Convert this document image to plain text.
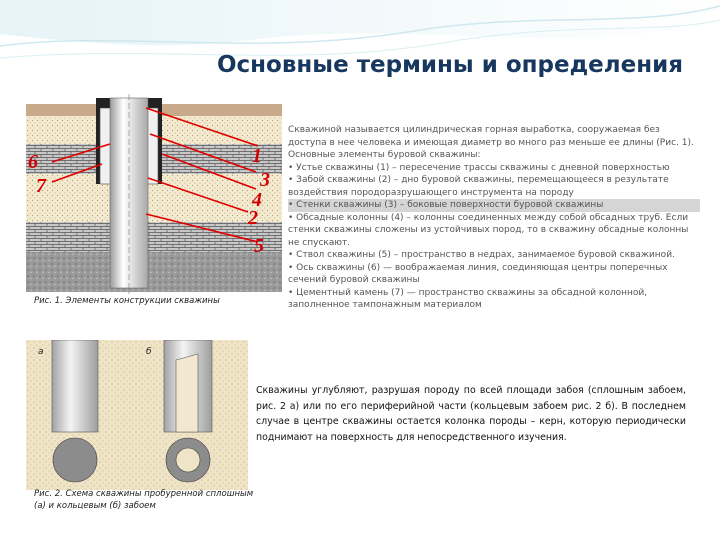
Основные термины и определения
1
3
4
2
5
6
7
Рис. 1. Элементы конструкции скважины
а	б
Рис. 2. Схема скважины пробуренной сплошным (а) и кольцевым (б) забоем

Скважиной называется цилиндрическая горная выработка, сооружаемая без доступа в нее человека и имеющая диаметр во много раз меньше ее длины (Рис. 1).

Основные элементы буровой скважины:

• Устье скважины (1) – пересечение трассы скважины с дневной поверхностью

• Забой скважины (2) – дно буровой скважины, перемещающееся в результате воздействия породоразрушающего инструмента на породу

• Стенки скважины (3) – боковые поверхности буровой скважины

• Обсадные колонны (4) – колонны соединенных между собой обсадных труб. Если стенки скважины сложены из устойчивых пород, то в скважину обсадные колонны не спускают.

• Ствол скважины (5) – пространство в недрах, занимаемое буровой скважиной.

• Ось скважины (6) — воображаемая линия, соединяющая центры поперечных сечений буровой скважины

• Цементный камень (7) — пространство скважины за обсадной колонной, заполненное тампонажным материалом

Скважины углубляют, разрушая породу по всей площади забоя (сплошным забоем, рис. 2 а) или по его периферийной части (кольцевым забоем рис. 2 б). В последнем случае в центре скважины остается колонка породы – керн, которую периодически поднимают на поверхность для непосредственного изучения.
